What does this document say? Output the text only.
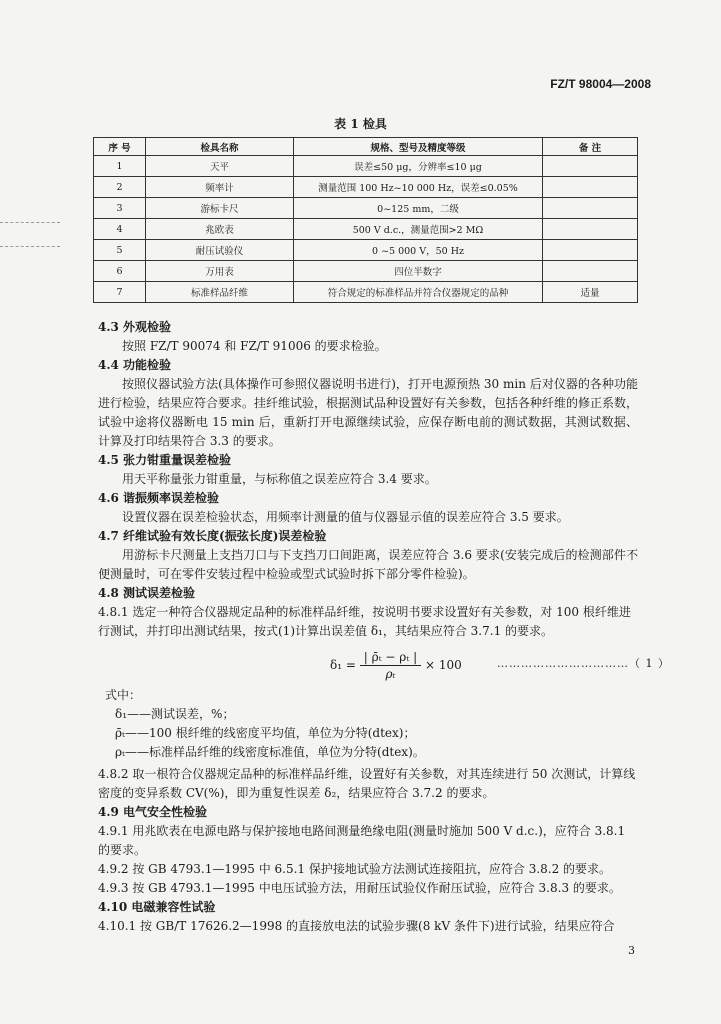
FZ/T 98004—2008
表 1 检具
序 号	检具名称	规格、型号及精度等级	备 注
1	天平	误差≤50 μg，分辨率≤10 μg	
2	频率计	测量范围 100 Hz~10 000 Hz，误差≤0.05%	
3	游标卡尺	0~125 mm，二级	
4	兆欧表	500 V d.c.，测量范围>2 MΩ	
5	耐压试验仪	0 ~5 000 V，50 Hz	
6	万用表	四位半数字	
7	标准样品纤维	符合规定的标准样品并符合仪器规定的品种	适量
4.3 外观检验
按照 FZ/T 90074 和 FZ/T 91006 的要求检验。
4.4 功能检验
按照仪器试验方法(具体操作可参照仪器说明书进行)，打开电源预热 30 min 后对仪器的各种功能进行检验，结果应符合要求。挂纤维试验，根据测试品种设置好有关参数，包括各种纤维的修正系数，试验中途将仪器断电 15 min 后，重新打开电源继续试验，应保存断电前的测试数据，其测试数据、计算及打印结果符合 3.3 的要求。
4.5 张力钳重量误差检验
用天平称量张力钳重量，与标称值之误差应符合 3.4 要求。
4.6 谐振频率误差检验
设置仪器在误差检验状态，用频率计测量的值与仪器显示值的误差应符合 3.5 要求。
4.7 纤维试验有效长度(振弦长度)误差检验
用游标卡尺测量上支挡刀口与下支挡刀口间距离，误差应符合 3.6 要求(安装完成后的检测部件不便测量时，可在零件安装过程中检验或型式试验时拆下部分零件检验)。
4.8 测试误差检验
4.8.1 选定一种符合仪器规定品种的标准样品纤维，按说明书要求设置好有关参数，对 100 根纤维进行测试，并打印出测试结果，按式(1)计算出误差值 δ₁，其结果应符合 3.7.1 的要求。
$\delta_1 = \frac{\text{| ρ̄ₜ − ρₜ |}}{\text{ρₜ}} \times 100$	……………………………（ 1 ）
式中：
δ₁——测试误差，%；
ρ̄ₜ——100 根纤维的线密度平均值，单位为分特(dtex)；
ρₜ——标准样品纤维的线密度标准值，单位为分特(dtex)。
4.8.2 取一根符合仪器规定品种的标准样品纤维，设置好有关参数，对其连续进行 50 次测试，计算线密度的变异系数 CV(%)，即为重复性误差 δ₂，结果应符合 3.7.2 的要求。
4.9 电气安全性检验
4.9.1 用兆欧表在电源电路与保护接地电路间测量绝缘电阻(测量时施加 500 V d.c.)，应符合 3.8.1 的要求。
4.9.2 按 GB 4793.1—1995 中 6.5.1 保护接地试验方法测试连接阻抗，应符合 3.8.2 的要求。
4.9.3 按 GB 4793.1—1995 中电压试验方法，用耐压试验仪作耐压试验，应符合 3.8.3 的要求。
4.10 电磁兼容性试验
4.10.1 按 GB/T 17626.2—1998 的直接放电法的试验步骤(8 kV 条件下)进行试验，结果应符合
3
